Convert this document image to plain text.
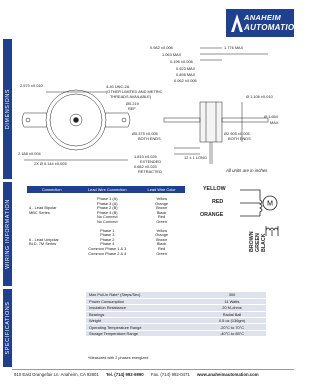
ANAHEIM
AUTOMATION
DIMENSIONS
WIRING INFORMATION
SPECIFICATIONS
0.982 ±0.008	1.776 MAX
1.063 MAX
0.196 ±0.008
0.923 MAX
0.898 MAX
0.062 ±0.005
2.570 ±0.010	4-40 UNC-2A
(OTHER LIMITED AND METRIC
THREADS AVAILABLE)
Ø0.219
REF
Ø 1.106 ±0.010
Ø 1.654
MAX
Ø0.375 ±0.005
BOTH ENDS
Ø2.905 ±0.005
BOTH ENDS
2.188 ±0.004
2X Ø 0.144 ±0.005
1.810 ±0.025
EXTENDED
0.682 ±0.025
RETRACTED
12 ± 1 LONG
All units are in inches
Connection	Lead Wire Connection	Lead Wire Color

4 - Lead Bipolar
MBC Series	Phase 1 (A)	Yellow
	Phase 3 (A)	Orange
	Phase 2 (B)	Brown
	Phase 4 (B)	Black
	No Connect	Red
	No Connect	Green

6 - Lead Unipolar
BLD, 7M Series	Phase 1	Yellow
	Phase 3	Orange
	Phase 2	Brown
	Phase 4	Black
	Common Phase 1 & 3	Red
	Common Phase 2 & 4	Green
M
YELLOW
RED
ORANGE
BROWN GREEN BLACK
Max Pull-in Rate* (Steps/Sec)	300
Power Consumption	11 Watts
Insulation Resistance	20 M-ohms
Bearings	Radial Ball
Weight	0.5 oz (136gm)
Operating Temperature Range	-20°C to 70°C
Storage Temperature Range	-40°C to 85°C
*Measured with 2 phases energized
910 East Orangefair Ln. Anaheim, CA 92801 Tel. (714) 992-6990 Fax. (714) 992-0471 www.anaheimautomation.com
